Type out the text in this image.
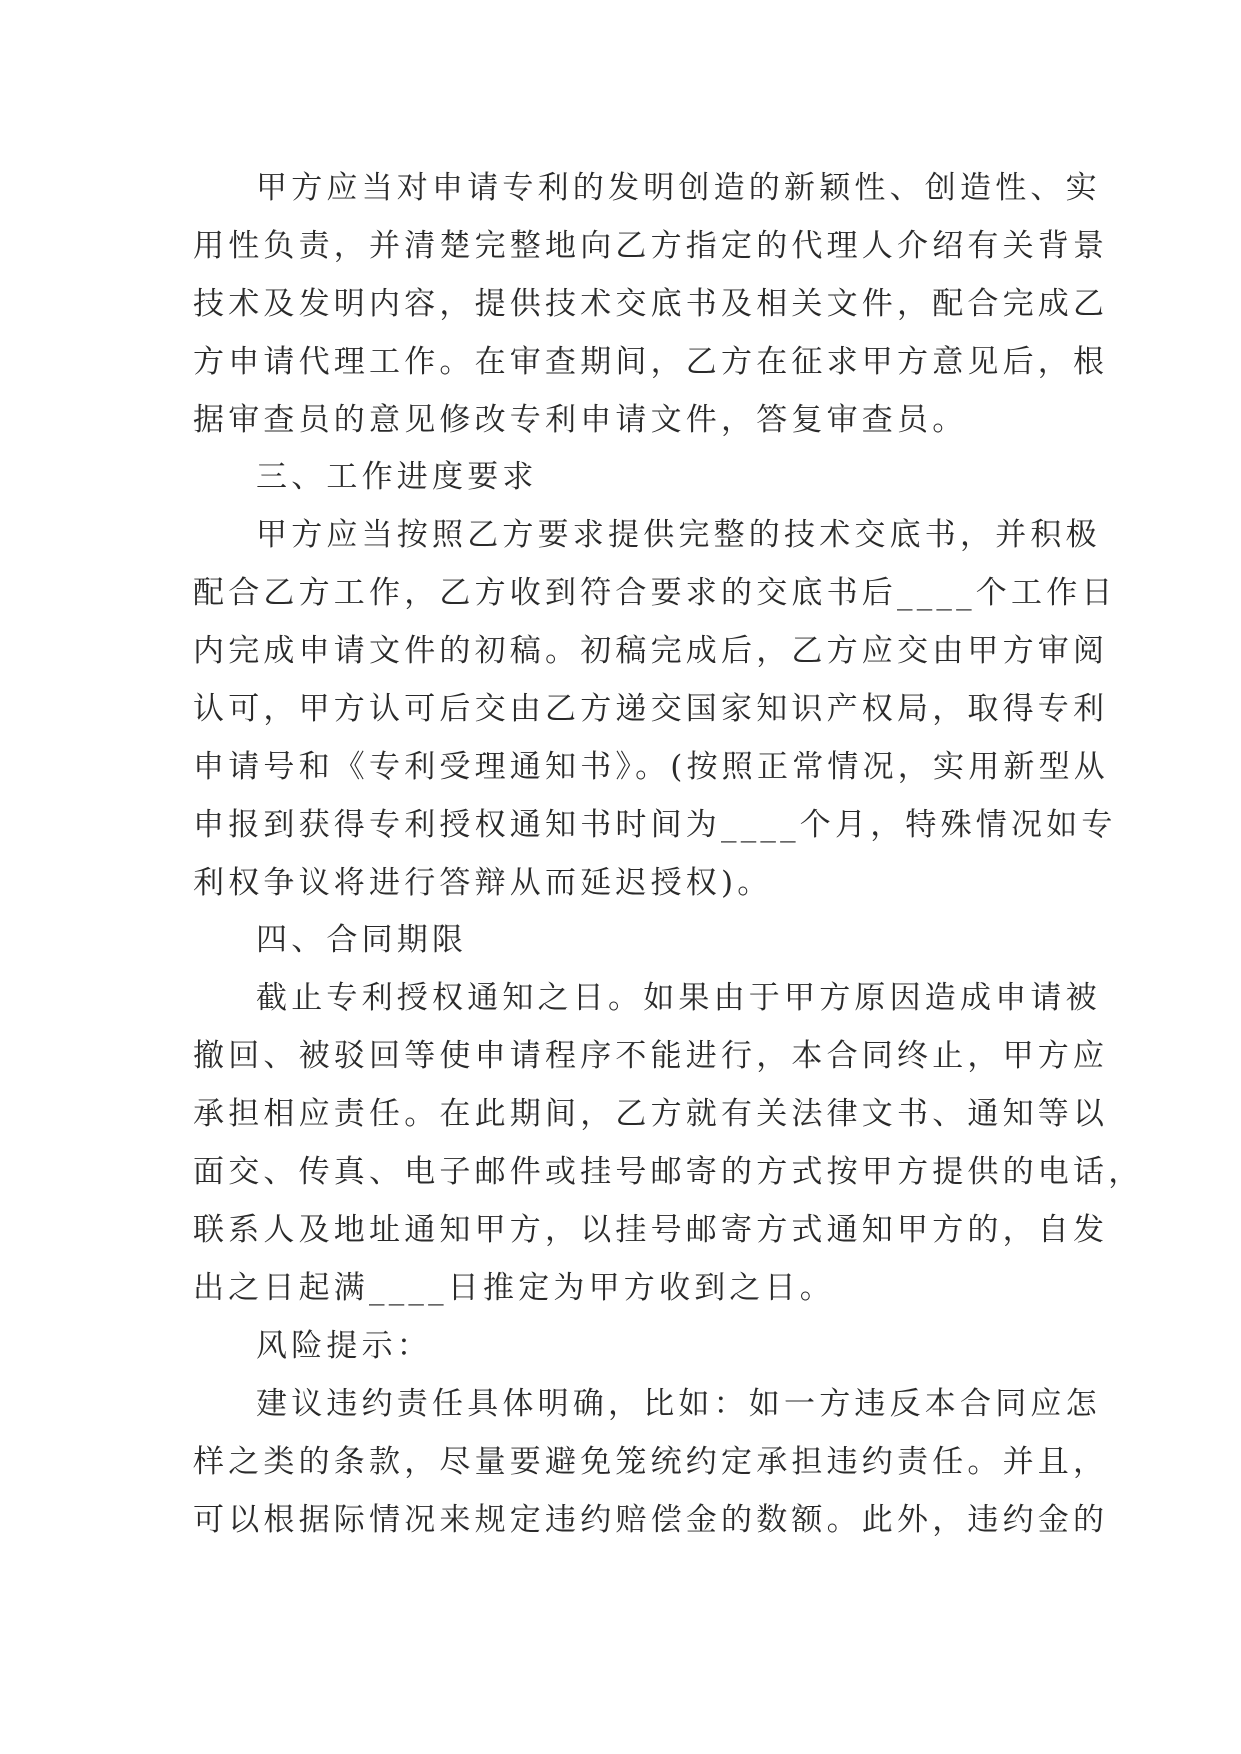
甲方应当对申请专利的发明创造的新颖性、创造性、实
用性负责，并清楚完整地向乙方指定的代理人介绍有关背景
技术及发明内容，提供技术交底书及相关文件，配合完成乙
方申请代理工作。在审查期间，乙方在征求甲方意见后，根
据审查员的意见修改专利申请文件，答复审查员。
三、工作进度要求
甲方应当按照乙方要求提供完整的技术交底书，并积极
配合乙方工作，乙方收到符合要求的交底书后____个工作日
内完成申请文件的初稿。初稿完成后，乙方应交由甲方审阅
认可，甲方认可后交由乙方递交国家知识产权局，取得专利
申请号和《专利受理通知书》。(按照正常情况，实用新型从
申报到获得专利授权通知书时间为____个月，特殊情况如专
利权争议将进行答辩从而延迟授权)。
四、合同期限
截止专利授权通知之日。如果由于甲方原因造成申请被
撤回、被驳回等使申请程序不能进行，本合同终止，甲方应
承担相应责任。在此期间，乙方就有关法律文书、通知等以
面交、传真、电子邮件或挂号邮寄的方式按甲方提供的电话，
联系人及地址通知甲方，以挂号邮寄方式通知甲方的，自发
出之日起满____日推定为甲方收到之日。
风险提示：
建议违约责任具体明确，比如：如一方违反本合同应怎
样之类的条款，尽量要避免笼统约定承担违约责任。并且，
可以根据际情况来规定违约赔偿金的数额。此外，违约金的
